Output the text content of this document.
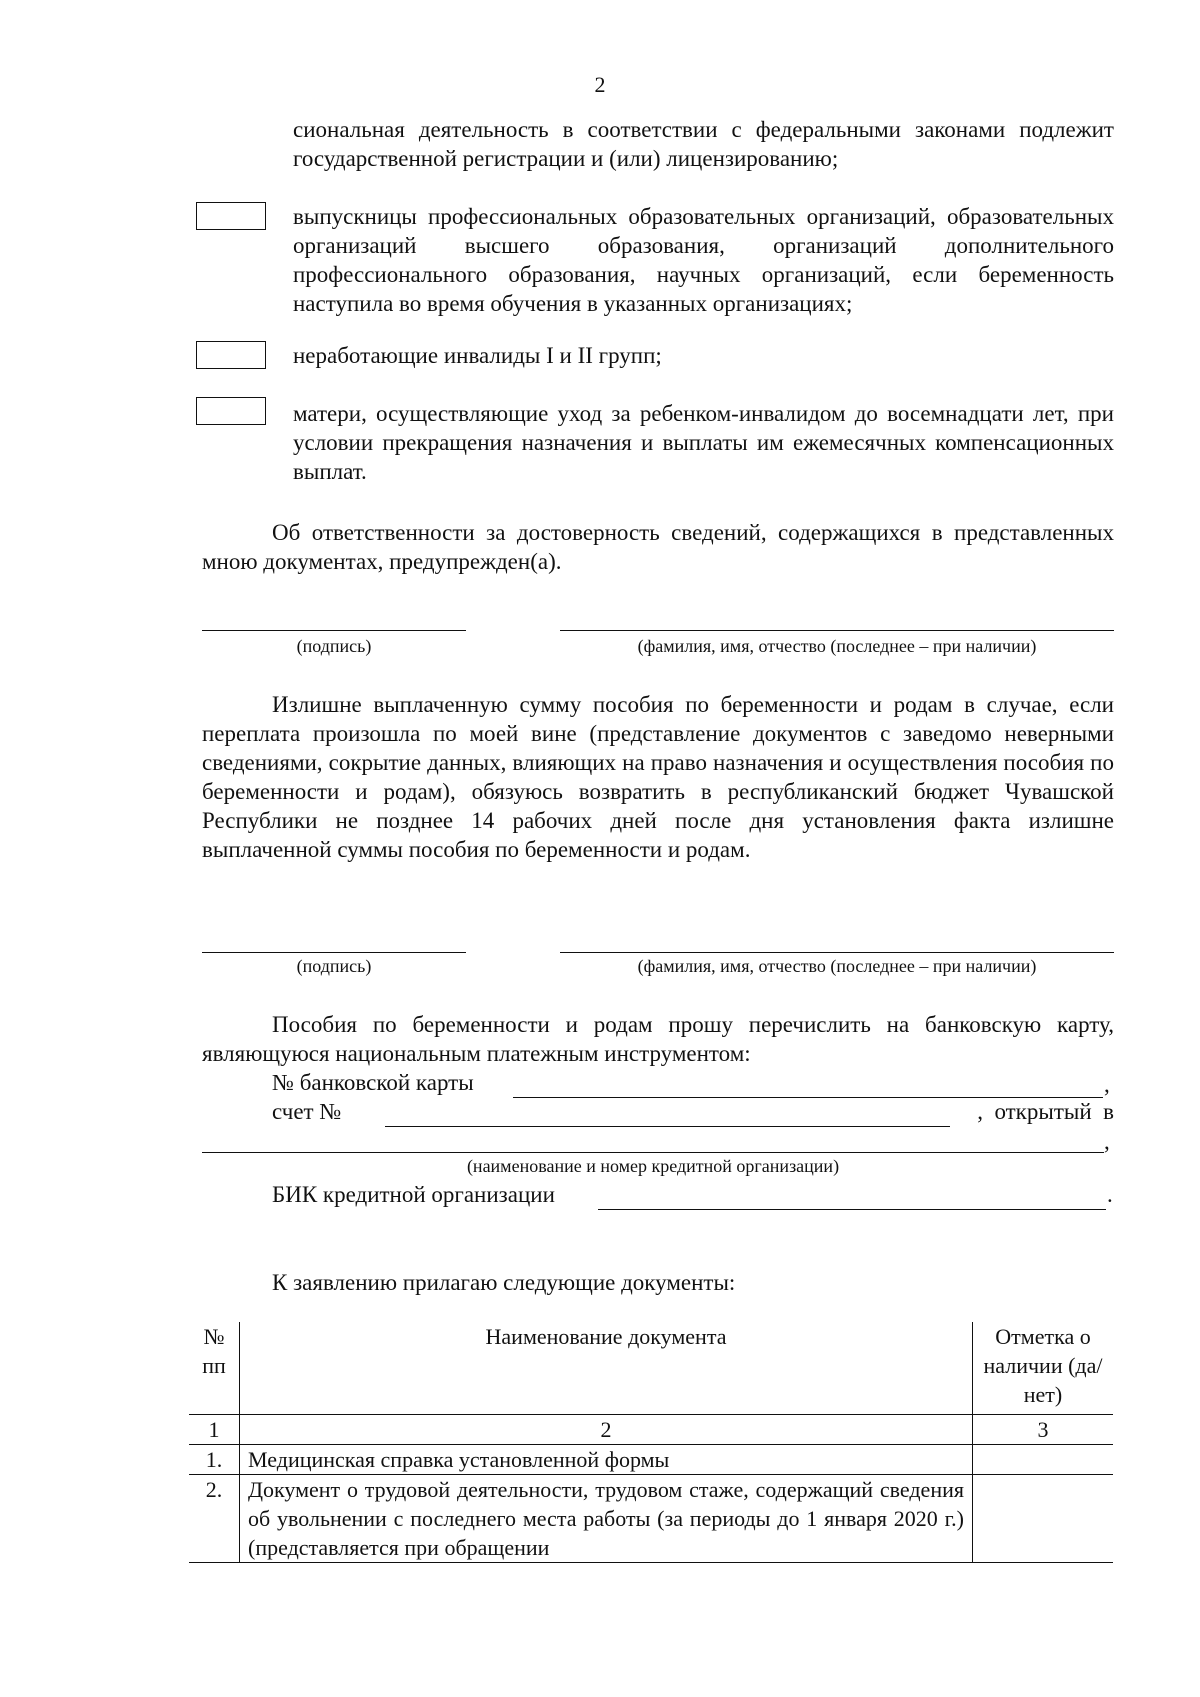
2
сиональная деятельность в соответствии с федеральными законами подлежит государственной регистрации и (или) лицензированию;
выпускницы профессиональных образовательных организаций, образовательных организаций высшего образования, организаций дополнительного профессионального образования, научных организаций, если беременность наступила во время обучения в указанных организациях;
неработающие инвалиды I и II групп;
матери, осуществляющие уход за ребенком-инвалидом до восемнадцати лет, при условии прекращения назначения и выплаты им ежемесячных компенсационных выплат.
Об ответственности за достоверность сведений, содержащихся в представленных мною документах, предупрежден(а).
(подпись)	(фамилия, имя, отчество (последнее – при наличии)
Излишне выплаченную сумму пособия по беременности и родам в случае, если переплата произошла по моей вине (представление документов с заведомо неверными сведениями, сокрытие данных, влияющих на право назначения и осуществления пособия по беременности и родам), обязуюсь возвратить в республиканский бюджет Чувашской Республики не позднее 14 рабочих дней после дня установления факта излишне выплаченной суммы пособия по беременности и родам.
(подпись)	(фамилия, имя, отчество (последнее – при наличии)
Пособия по беременности и родам прошу перечислить на банковскую карту, являющуюся национальным платежным инструментом:
№ банковской карты	,
счет №	,  открытый  в
,
(наименование и номер кредитной организации)
БИК кредитной организации	.
К заявлению прилагаю следующие документы:
№ пп	Наименование документа	Отметка о наличии (да/нет)
1	2	3
1.	Медицинская справка установленной формы	
2.	Документ о трудовой деятельности, трудовом стаже, содержащий сведения об увольнении с последнего места работы (за периоды до 1 января 2020 г.) (представляется при обращении	
